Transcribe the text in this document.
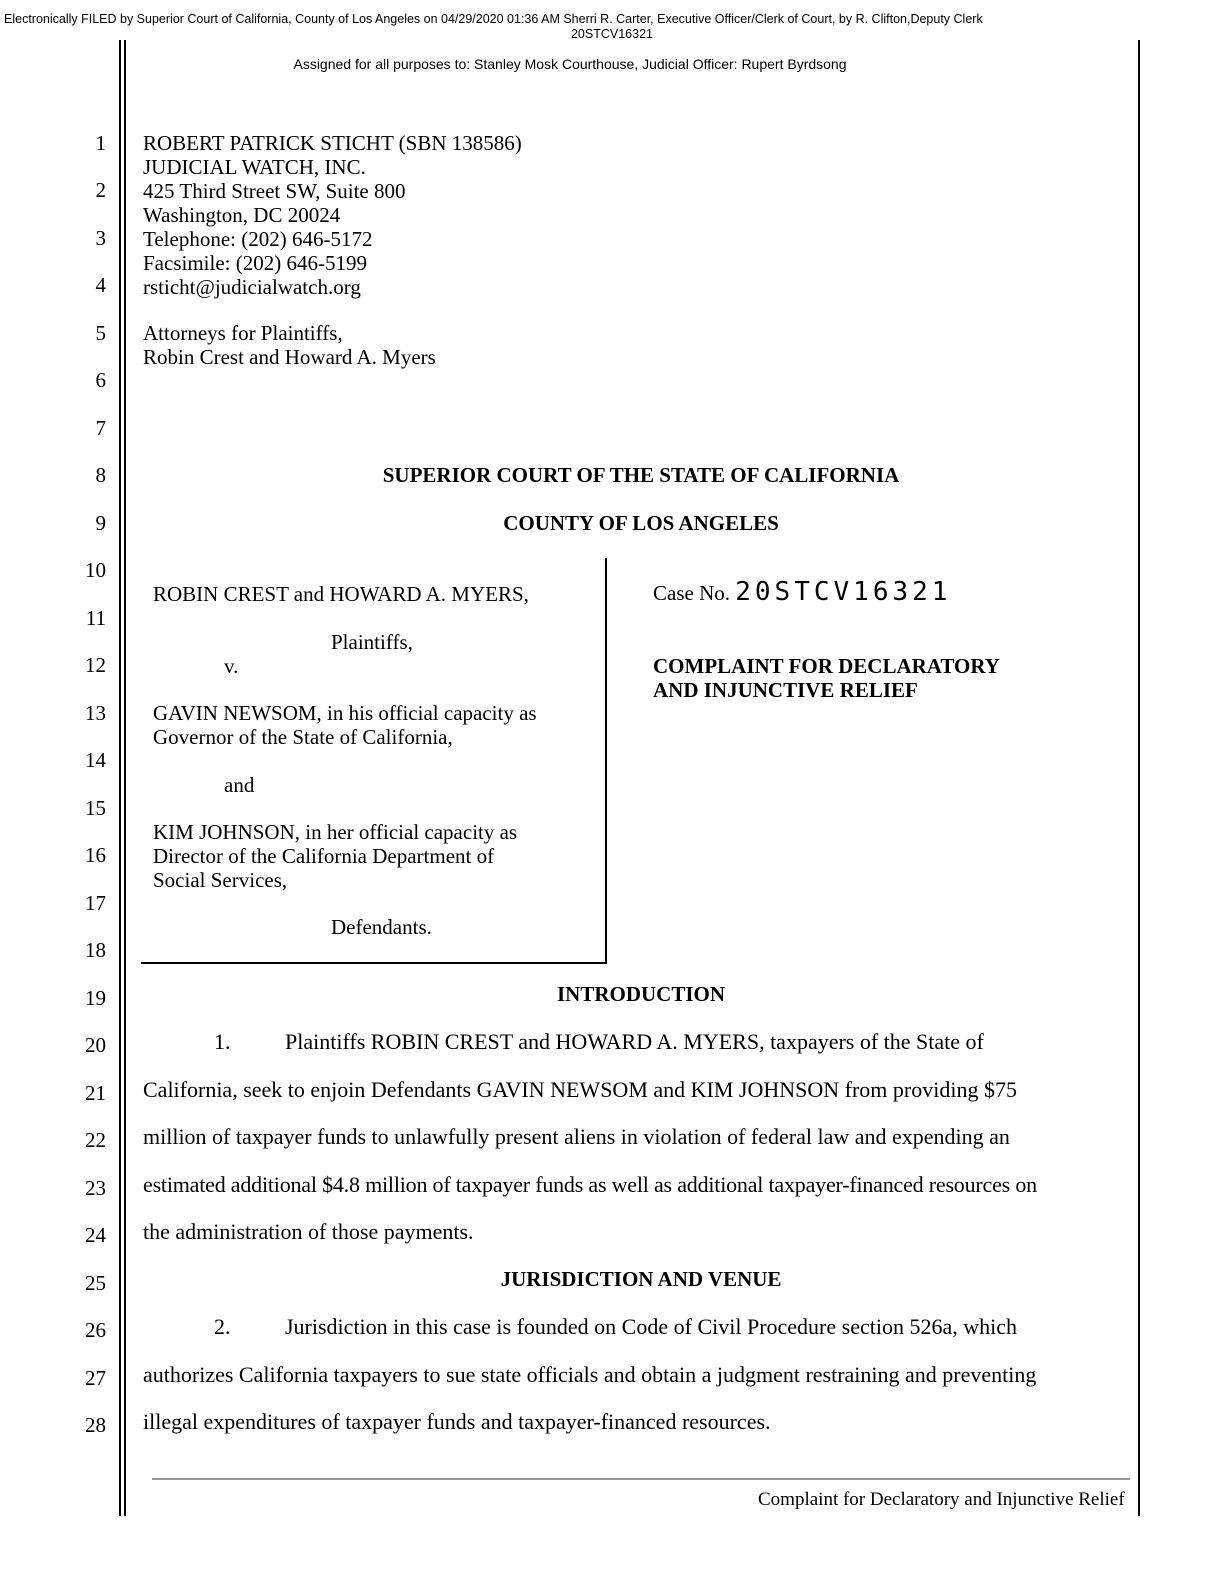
Electronically FILED by Superior Court of California, County of Los Angeles on 04/29/2020 01:36 AM Sherri R. Carter, Executive Officer/Clerk of Court, by R. Clifton,Deputy Clerk
20STCV16321
Assigned for all purposes to: Stanley Mosk Courthouse, Judicial Officer: Rupert Byrdsong
1
2
3
4
5
6
7
8
9
10
11
12
13
14
15
16
17
18
19
20
21
22
23
24
25
26
27
28
ROBERT PATRICK STICHT (SBN 138586)
JUDICIAL WATCH, INC.
425 Third Street SW, Suite 800
Washington, DC 20024
Telephone: (202) 646-5172
Facsimile: (202) 646-5199
rsticht@judicialwatch.org
Attorneys for Plaintiffs,
Robin Crest and Howard A. Myers
SUPERIOR COURT OF THE STATE OF CALIFORNIA
COUNTY OF LOS ANGELES
ROBIN CREST and HOWARD A. MYERS,
Plaintiffs,
v.
GAVIN NEWSOM, in his official capacity as
Governor of the State of California,
and
KIM JOHNSON, in her official capacity as
Director of the California Department of
Social Services,
Defendants.
Case No. 20STCV16321
COMPLAINT FOR DECLARATORY
AND INJUNCTIVE RELIEF
INTRODUCTION
1. Plaintiffs ROBIN CREST and HOWARD A. MYERS, taxpayers of the State of
California, seek to enjoin Defendants GAVIN NEWSOM and KIM JOHNSON from providing $75
million of taxpayer funds to unlawfully present aliens in violation of federal law and expending an
estimated additional $4.8 million of taxpayer funds as well as additional taxpayer-financed resources on
the administration of those payments.
JURISDICTION AND VENUE
2. Jurisdiction in this case is founded on Code of Civil Procedure section 526a, which
authorizes California taxpayers to sue state officials and obtain a judgment restraining and preventing
illegal expenditures of taxpayer funds and taxpayer-financed resources.
Complaint for Declaratory and Injunctive Relief
